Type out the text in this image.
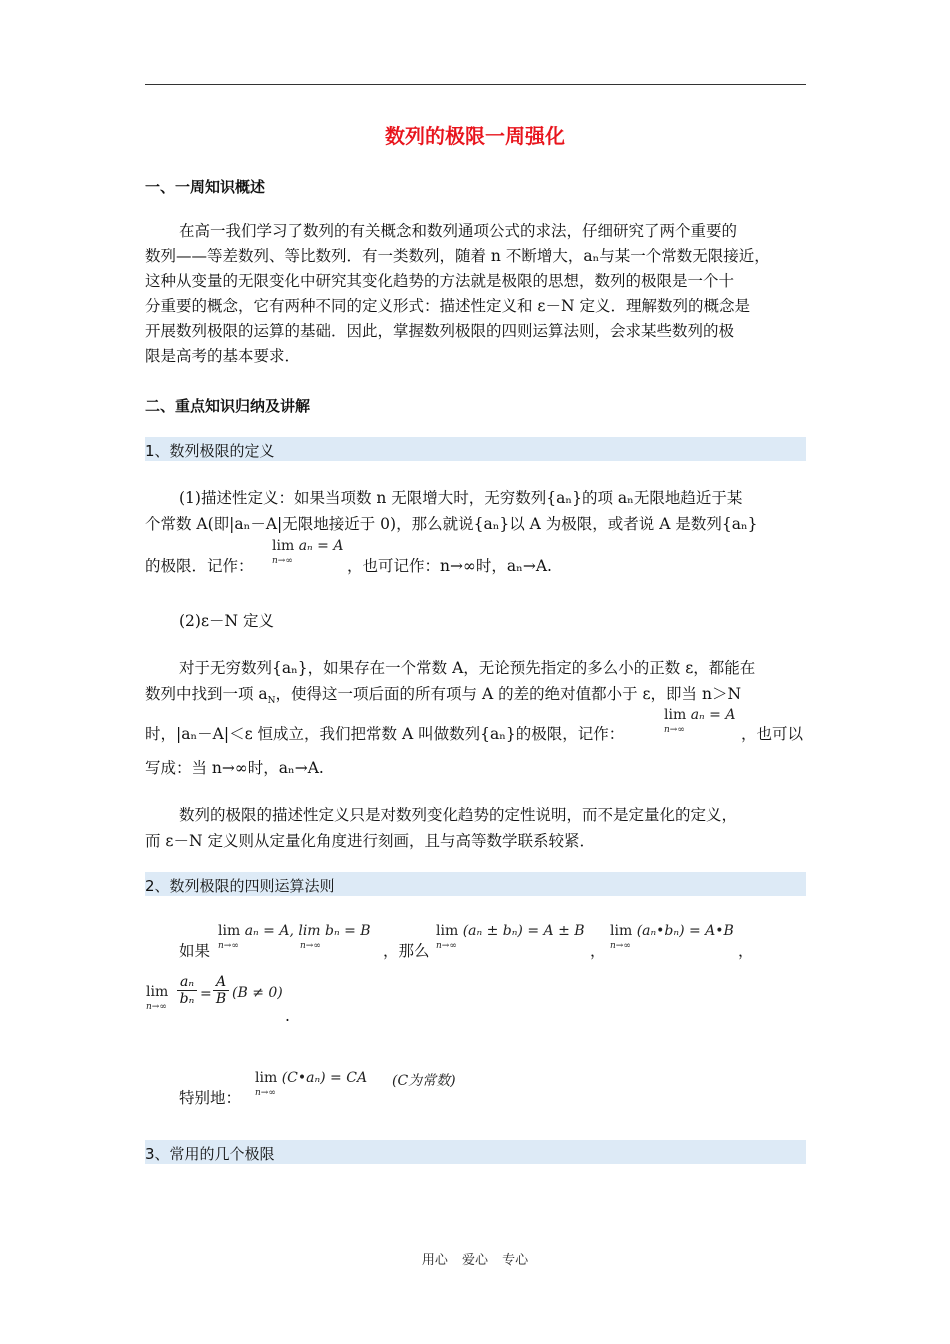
数列的极限一周强化
一、一周知识概述
在高一我们学习了数列的有关概念和数列通项公式的求法，仔细研究了两个重要的
数列——等差数列、等比数列．有一类数列，随着 n 不断增大，aₙ与某一个常数无限接近，
这种从变量的无限变化中研究其变化趋势的方法就是极限的思想，数列的极限是一个十
分重要的概念，它有两种不同的定义形式：描述性定义和 ε－N 定义．理解数列的概念是
开展数列极限的运算的基础．因此，掌握数列极限的四则运算法则，会求某些数列的极
限是高考的基本要求．
二、重点知识归纳及讲解
1、数列极限的定义
(1)描述性定义：如果当项数 n 无限增大时，无穷数列{aₙ}的项 aₙ无限地趋近于某
个常数 A(即|aₙ－A|无限地接近于 0)，那么就说{aₙ}以 A 为极限，或者说 A 是数列{aₙ}
的极限．记作：
lim aₙ = A
n→∞	，也可记作：n→∞时，aₙ→A.
(2)ε－N 定义
对于无穷数列{aₙ}，如果存在一个常数 A，无论预先指定的多么小的正数 ε，都能在
数列中找到一项 $a_N$，使得这一项后面的所有项与 A 的差的绝对值都小于 ε，即当 n＞N
时，|aₙ－A|＜ε 恒成立，我们把常数 A 叫做数列{aₙ}的极限，记作：
lim aₙ = A
n→∞	，也可以
写成：当 n→∞时，aₙ→A.
数列的极限的描述性定义只是对数列变化趋势的定性说明，而不是定量化的定义，
而 ε－N 定义则从定量化角度进行刻画，且与高等数学联系较紧．
2、数列极限的四则运算法则
如果
lim aₙ = A, lim bₙ = B
n→∞	n→∞	，那么
lim (aₙ ± bₙ) = A ± B
n→∞	，
lim (aₙ•bₙ) = A•B
n→∞	，
lim
$n\to\infty \frac{\text{aₙ}}{\text{bₙ}} = \frac{A}{B} (B \ne 0)$
.
特别地：
lim (C•aₙ) = CA
n→∞
(C为常数)
3、常用的几个极限
用心 爱心 专心
